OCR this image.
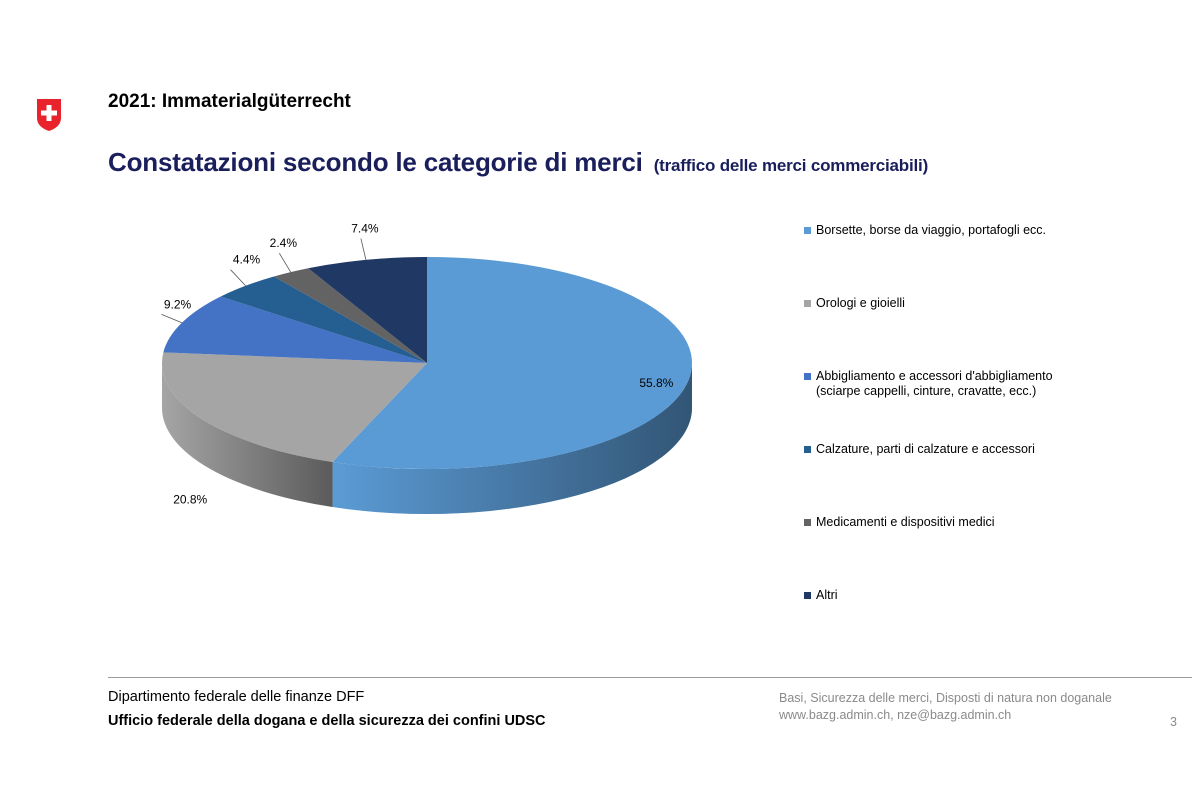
2021: Immaterialgüterrecht
Constatazioni secondo le categorie di merci (traffico delle merci commerciabili)
55.8%
20.8%
9.2%
4.4%
2.4%
7.4%	Borsette, borse da viaggio, portafogli ecc.
Orologi e gioielli
Abbigliamento e accessori d'abbigliamento
(sciarpe cappelli, cinture, cravatte, ecc.)
Calzature, parti di calzature e accessori
Medicamenti e dispositivi medici
Altri
Dipartimento federale delle finanze DFF
Ufficio federale della dogana e della sicurezza dei confini UDSC
Basi, Sicurezza delle merci, Disposti di natura non doganale
www.bazg.admin.ch, nze@bazg.admin.ch	3
